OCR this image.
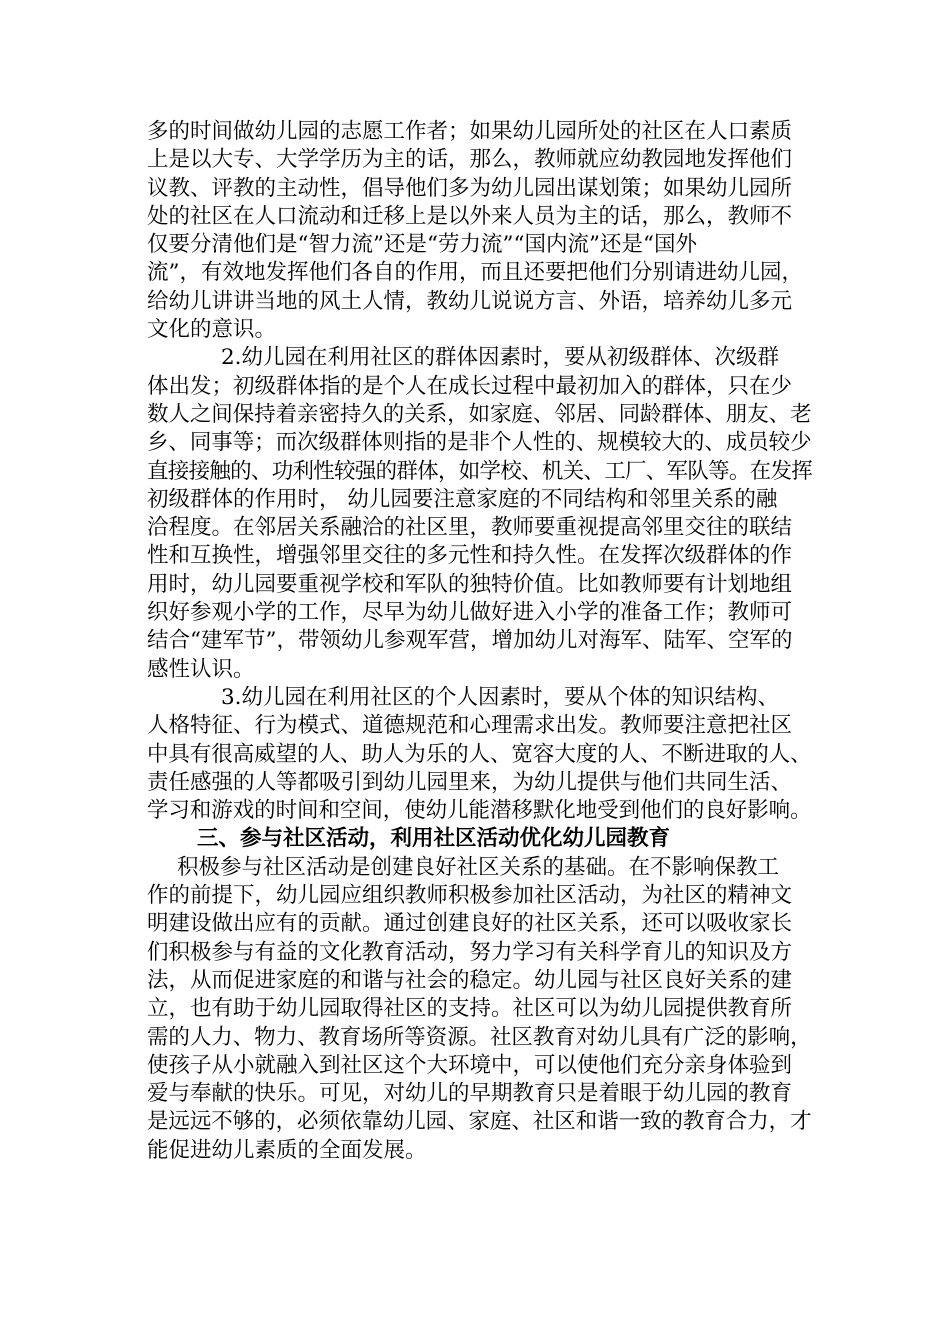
多的时间做幼儿园的志愿工作者；如果幼儿园所处的社区在人口素质
上是以大专、大学学历为主的话，那么，教师就应幼教园地发挥他们
议教、评教的主动性，倡导他们多为幼儿园出谋划策；如果幼儿园所
处的社区在人口流动和迁移上是以外来人员为主的话，那么，教师不
仅要分清他们是“智力流”还是“劳力流”“国内流”还是“国外
流”，有效地发挥他们各自的作用，而且还要把他们分别请进幼儿园，
给幼儿讲讲当地的风土人情，教幼儿说说方言、外语，培养幼儿多元
文化的意识。
2.幼儿园在利用社区的群体因素时，要从初级群体、次级群
体出发；初级群体指的是个人在成长过程中最初加入的群体，只在少
数人之间保持着亲密持久的关系，如家庭、邻居、同龄群体、朋友、老
乡、同事等；而次级群体则指的是非个人性的、规模较大的、成员较少
直接接触的、功利性较强的群体，如学校、机关、工厂、军队等。在发挥
初级群体的作用时， 幼儿园要注意家庭的不同结构和邻里关系的融
洽程度。在邻居关系融洽的社区里，教师要重视提高邻里交往的联结
性和互换性，增强邻里交往的多元性和持久性。在发挥次级群体的作
用时，幼儿园要重视学校和军队的独特价值。比如教师要有计划地组
织好参观小学的工作，尽早为幼儿做好进入小学的准备工作；教师可
结合“建军节”，带领幼儿参观军营，增加幼儿对海军、陆军、空军的
感性认识。
3.幼儿园在利用社区的个人因素时，要从个体的知识结构、
人格特征、行为模式、道德规范和心理需求出发。教师要注意把社区
中具有很高威望的人、助人为乐的人、宽容大度的人、不断进取的人、
责任感强的人等都吸引到幼儿园里来，为幼儿提供与他们共同生活、
学习和游戏的时间和空间，使幼儿能潜移默化地受到他们的良好影响。
三、参与社区活动，利用社区活动优化幼儿园教育
积极参与社区活动是创建良好社区关系的基础。在不影响保教工
作的前提下，幼儿园应组织教师积极参加社区活动，为社区的精神文
明建设做出应有的贡献。通过创建良好的社区关系，还可以吸收家长
们积极参与有益的文化教育活动，努力学习有关科学育儿的知识及方
法，从而促进家庭的和谐与社会的稳定。幼儿园与社区良好关系的建
立，也有助于幼儿园取得社区的支持。社区可以为幼儿园提供教育所
需的人力、物力、教育场所等资源。社区教育对幼儿具有广泛的影响，
使孩子从小就融入到社区这个大环境中，可以使他们充分亲身体验到
爱与奉献的快乐。可见，对幼儿的早期教育只是着眼于幼儿园的教育
是远远不够的，必须依靠幼儿园、家庭、社区和谐一致的教育合力，才
能促进幼儿素质的全面发展。
